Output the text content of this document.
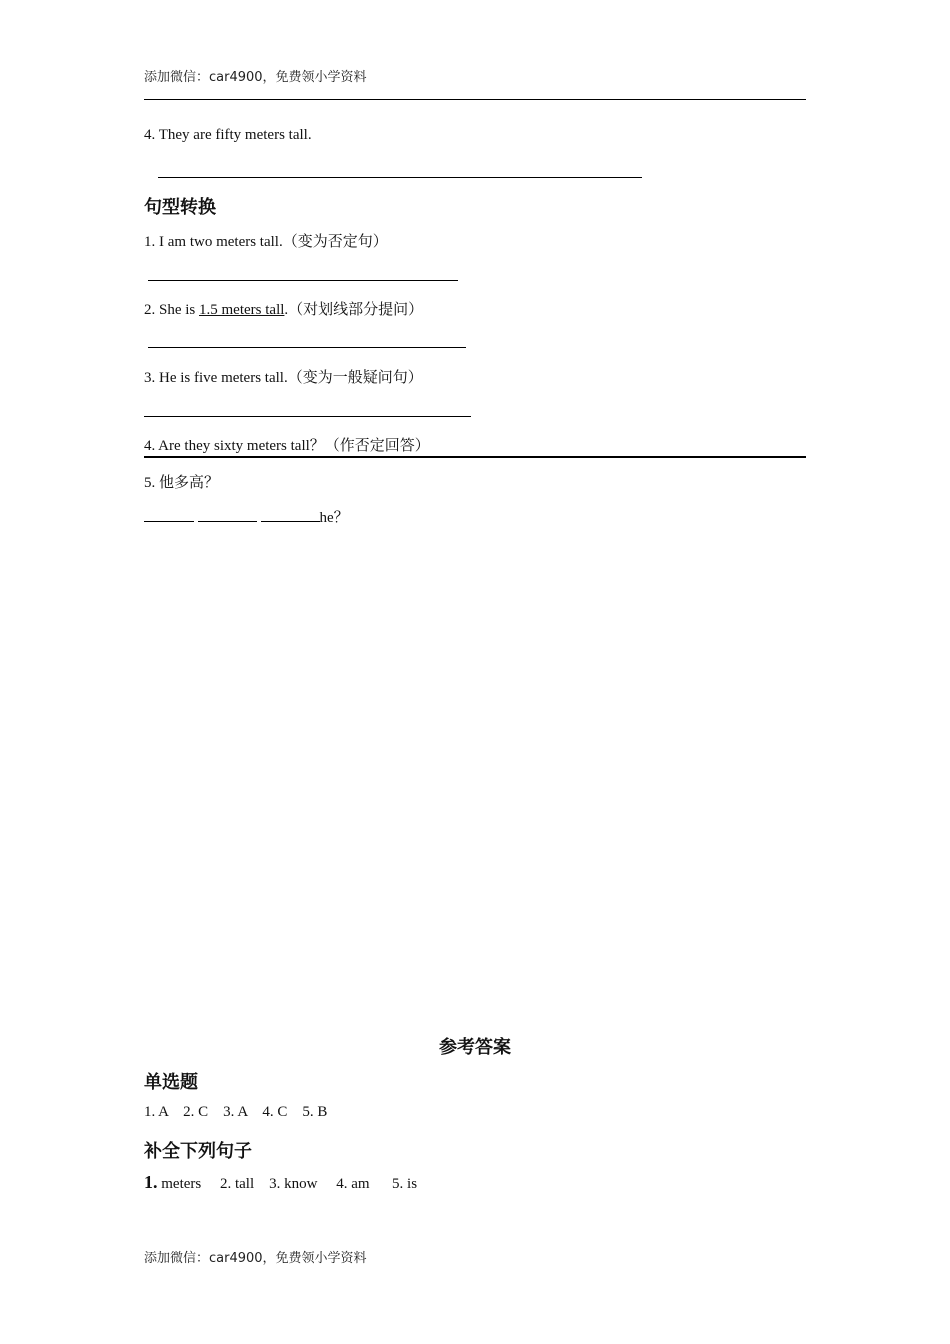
添加微信：car4900，免费领小学资料
4. They are fifty meters tall.
句型转换
1. I am two meters tall.（变为否定句）
2. She is 1.5 meters tall.（对划线部分提问）
3. He is five meters tall.（变为一般疑问句）
4. Are they sixty meters tall？（作否定回答）
5. 他多高？
he？
参考答案
单选题
1. A    2. C    3. A    4. C    5. B
补全下列句子
1. meters     2. tall    3. know     4. am      5. is
添加微信：car4900，免费领小学资料
